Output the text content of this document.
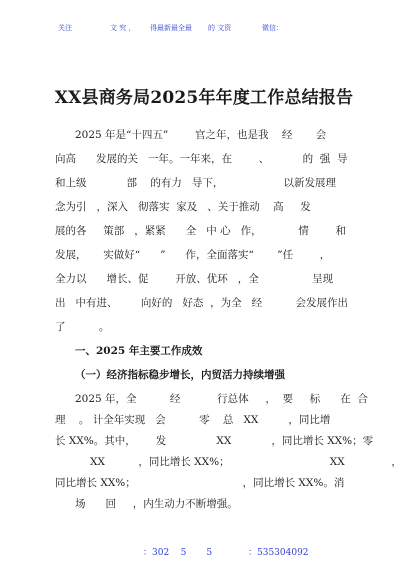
关注	文 究 ， 得最新最全最 的 文资	微信：
XX县商务局2025年年度工作总结报告
2025 年是“十四五”        官之年，也是我    经       会
向高      发展的关   一年。一年来，在        、          的  强  导
和上级            部    的有力   导下，                  以新发展理
念为引   ，深入   彻落实  家及   、关于推动    高     发
展的各     策部   ，紧紧      全   中 心   作，           情        和
发展，     实做好“      ”      作，全面落实“       ”任        ，
全力以      增长、促        开放、优环   ，全                呈现
出   中有进、       向好的   好态  ，为全   经          会发展作出
了          。
一、2025 年主要工作成效
（一）经济指标稳步增长，内贸活力持续增强
2025 年，全          经           行总体     ，  要     标      在  合
理    。 计全年实现   会          零    总   XX         ，同比增
长 XX%。其中，      发               XX            ，同比增长 XX%；零
XX          ，同比增长 XX%；                              XX              ，
同比增长 XX%；                                ，同比增长 XX%。消
场      回     ，内生动力不断增强。
：302    5       5	：535304092
